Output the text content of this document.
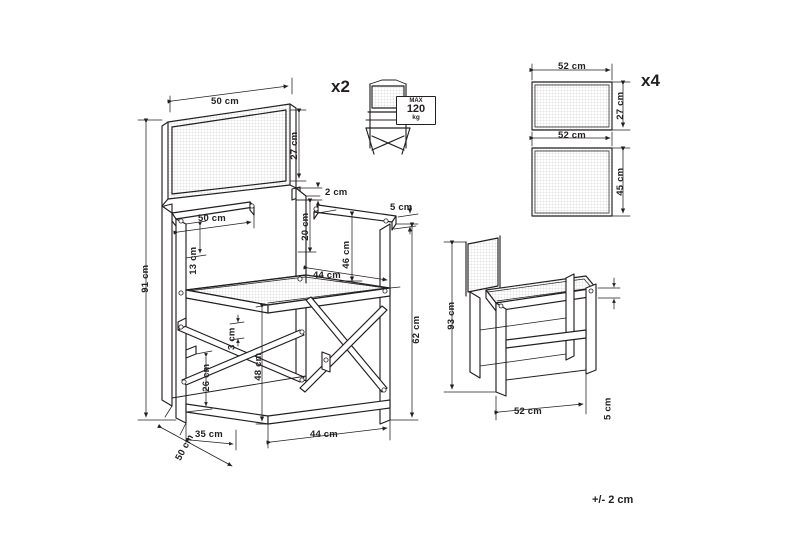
50 cm
27 cm
2 cm
20 cm
5 cm
50 cm
13 cm	46 cm
44 cm
91 cm
62 cm
26 cm
3 cm
48 cm
50 cm
35 cm	44 cm
x2	x4
MAX
120
kg
52 cm
27 cm
52 cm
45 cm
93 cm
52 cm	5 cm
+/- 2 cm
